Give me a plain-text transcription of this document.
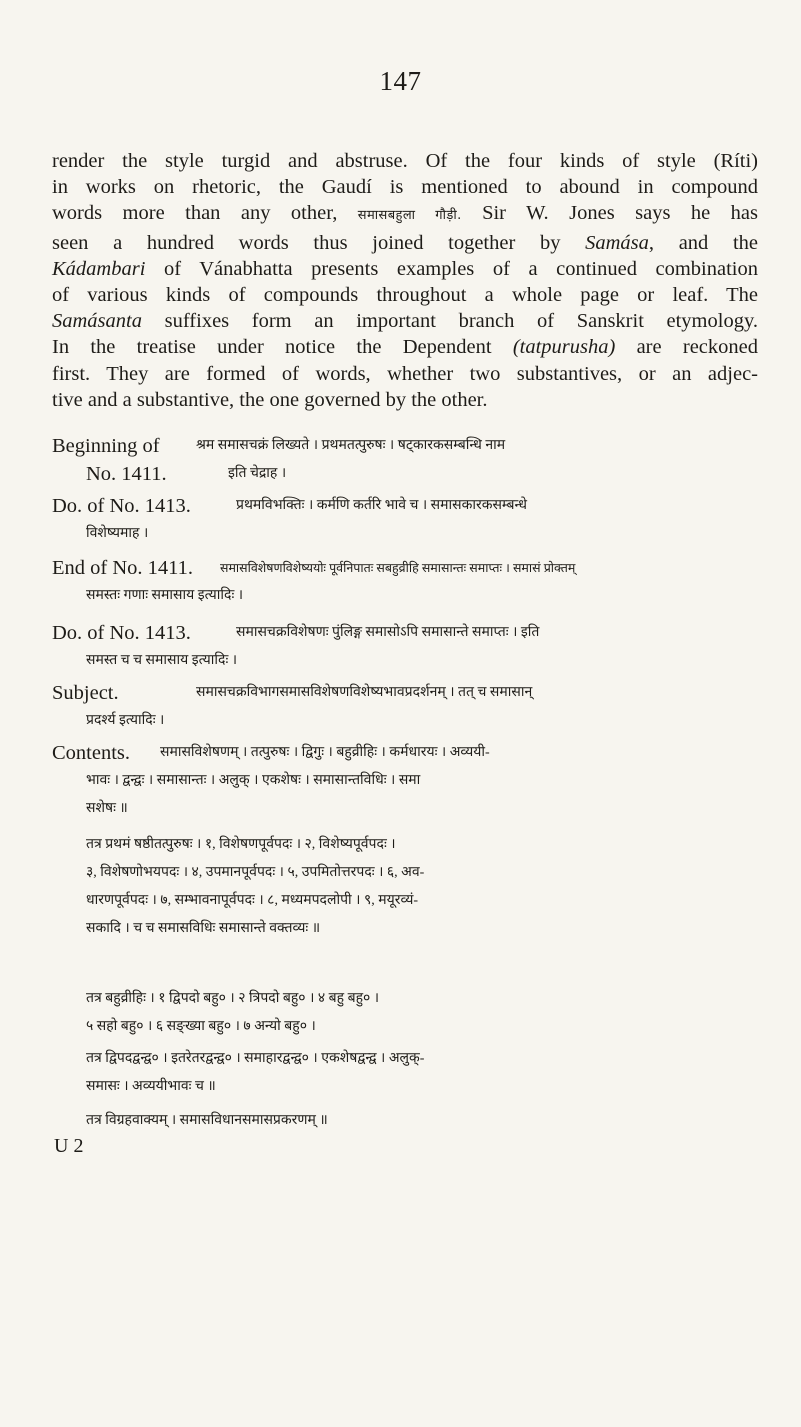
147
render the style turgid and abstruse. Of the four kinds of style (Ríti)
in works on rhetoric, the Gaudí is mentioned to abound in compound
words more than any other, समासबहुला गौड़ी. Sir W. Jones says he has
seen a hundred words thus joined together by Samása, and the
Kádambari of Vánabhatta presents examples of a continued combination
of various kinds of compounds throughout a whole page or leaf. The
Samásanta suffixes form an important branch of Sanskrit etymology.
In the treatise under notice the Dependent (tatpurusha) are reckoned
first. They are formed of words, whether two substantives, or an adjec-
tive and a substantive, the one governed by the other.
Beginning of	श्रम समासचक्रं लिख्यते । प्रथमतत्पुरुषः । षट्कारकसम्बन्धि नाम
No. 1411.	इति चेद्राह ।
Do. of No. 1413.	प्रथमविभक्तिः । कर्मणि कर्तरि भावे च । समासकारकसम्बन्धे
विशेष्यमाह ।
End of No. 1411. समासविशेषणविशेष्ययोः पूर्वनिपातः सबहुव्रीहि समासान्तः समाप्तः । समासं प्रोक्तम्
समस्तः गणाः समासाय इत्यादिः ।
Do. of No. 1413.	समासचक्रविशेषणः पुंलिङ्ग समासोऽपि समासान्ते समाप्तः । इति
समस्त च च समासाय इत्यादिः ।
Subject.	समासचक्रविभागसमासविशेषणविशेष्यभावप्रदर्शनम् । तत् च समासान्
प्रदर्श्य इत्यादिः ।
Contents. समासविशेषणम् । तत्पुरुषः । द्विगुः । बहुव्रीहिः । कर्मधारयः । अव्ययी-
भावः । द्वन्द्वः । समासान्तः । अलुक् । एकशेषः । समासान्तविधिः । समा
सशेषः ॥
तत्र प्रथमं षष्ठीतत्पुरुषः । १, विशेषणपूर्वपदः । २, विशेष्यपूर्वपदः ।
३, विशेषणोभयपदः । ४, उपमानपूर्वपदः । ५, उपमितोत्तरपदः । ६, अव-
धारणपूर्वपदः । ७, सम्भावनापूर्वपदः । ८, मध्यमपदलोपी । ९, मयूरव्यं-
सकादि । च च समासविधिः समासान्ते वक्तव्यः ॥
तत्र बहुव्रीहिः । १ द्विपदो बहु० । २ त्रिपदो बहु० । ४ बहु बहु० ।
५ सहो बहु० । ६ सङ्ख्या बहु० । ७ अन्यो बहु० ।
तत्र द्विपदद्वन्द्व० । इतरेतरद्वन्द्व० । समाहारद्वन्द्व० । एकशेषद्वन्द्व । अलुक्-
समासः । अव्ययीभावः च ॥
तत्र विग्रहवाक्यम् । समासविधानसमासप्रकरणम् ॥
U 2
